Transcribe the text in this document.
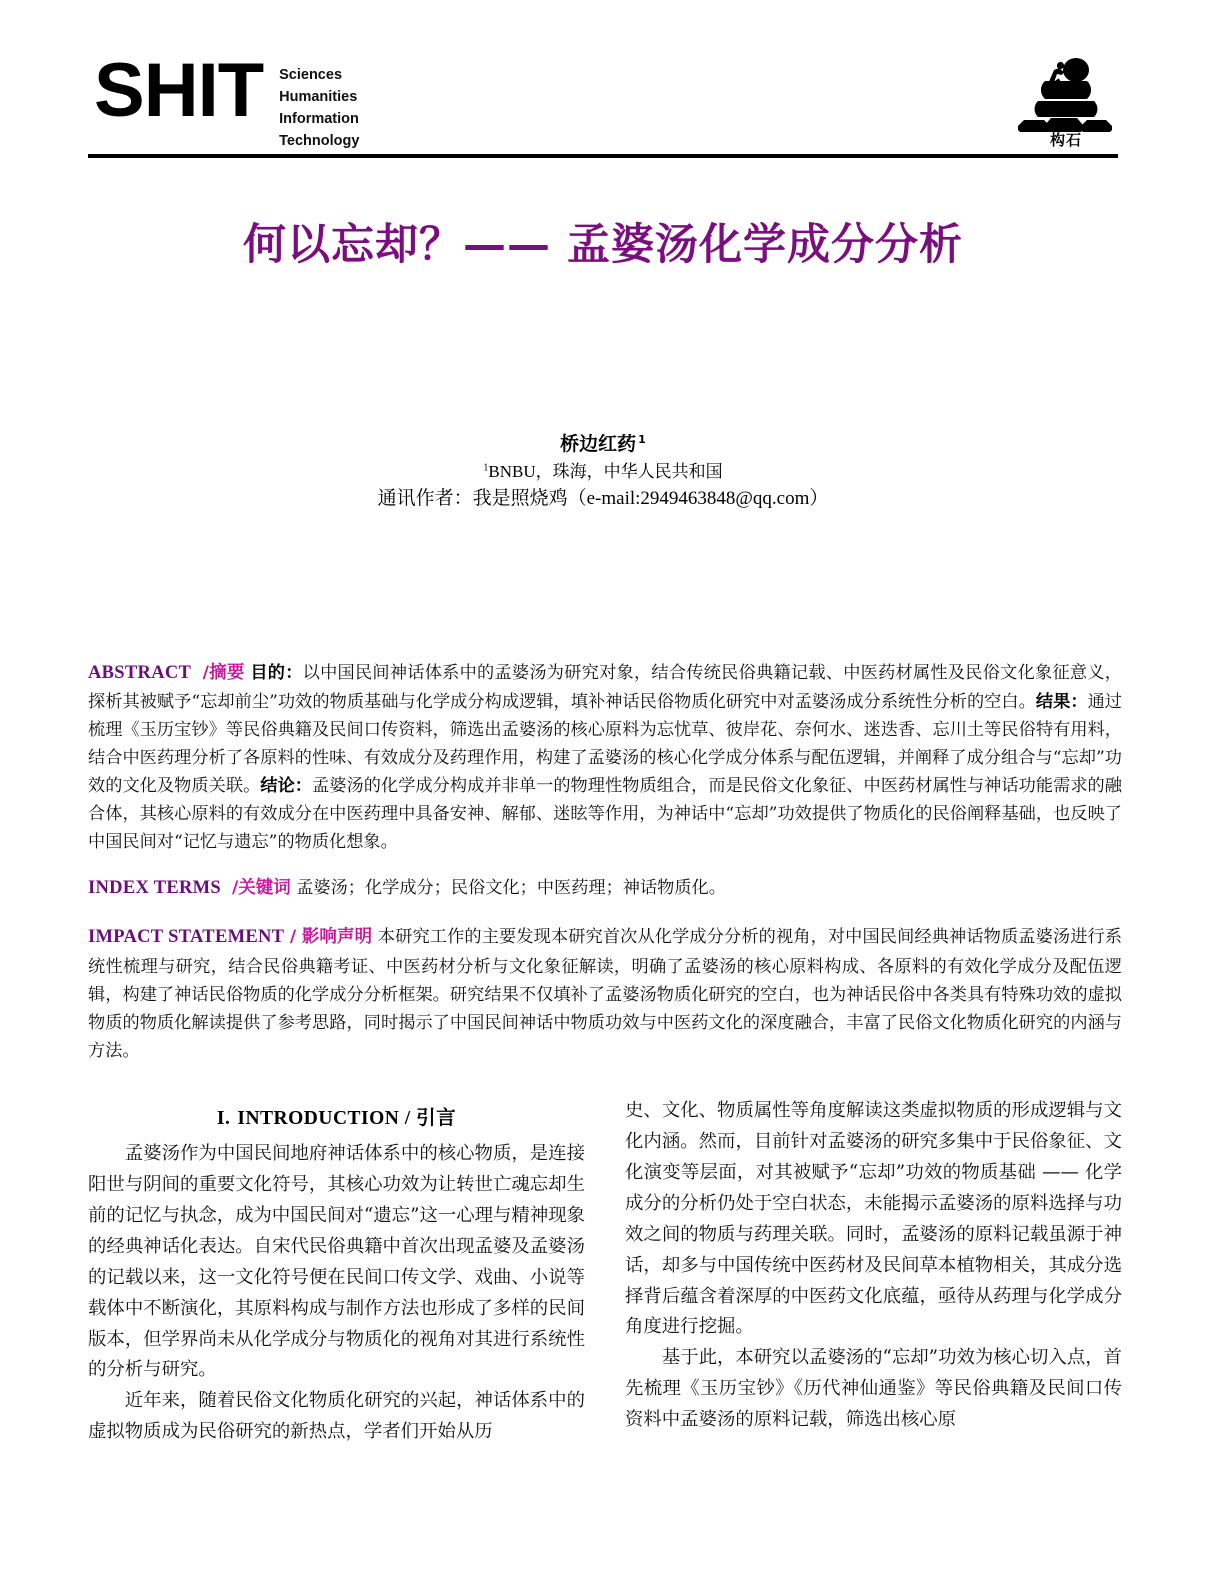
SHIT Sciences
Humanities
Information
Technology	构石
何以忘却？—— 孟婆汤化学成分分析
桥边红药 $^1$
$^1$BNBU，珠海，中华人民共和国
通讯作者：我是照烧鸡（e-mail:2949463848@qq.com）
ABSTRACT /摘要 目的：以中国民间神话体系中的孟婆汤为研究对象，结合传统民俗典籍记载、中医药材属性及民俗文化象征意义，探析其被赋予“忘却前尘”功效的物质基础与化学成分构成逻辑，填补神话民俗物质化研究中对孟婆汤成分系统性分析的空白。结果：通过梳理《玉历宝钞》等民俗典籍及民间口传资料，筛选出孟婆汤的核心原料为忘忧草、彼岸花、奈何水、迷迭香、忘川土等民俗特有用料，结合中医药理分析了各原料的性味、有效成分及药理作用，构建了孟婆汤的核心化学成分体系与配伍逻辑，并阐释了成分组合与“忘却”功效的文化及物质关联。结论：孟婆汤的化学成分构成并非单一的物理性物质组合，而是民俗文化象征、中医药材属性与神话功能需求的融合体，其核心原料的有效成分在中医药理中具备安神、解郁、迷眩等作用，为神话中“忘却”功效提供了物质化的民俗阐释基础，也反映了中国民间对“记忆与遗忘”的物质化想象。
INDEX TERMS /关键词 孟婆汤；化学成分；民俗文化；中医药理；神话物质化。
IMPACT STATEMENT / 影响声明 本研究工作的主要发现本研究首次从化学成分分析的视角，对中国民间经典神话物质孟婆汤进行系统性梳理与研究，结合民俗典籍考证、中医药材分析与文化象征解读，明确了孟婆汤的核心原料构成、各原料的有效化学成分及配伍逻辑，构建了神话民俗物质的化学成分分析框架。研究结果不仅填补了孟婆汤物质化研究的空白，也为神话民俗中各类具有特殊功效的虚拟物质的物质化解读提供了参考思路，同时揭示了中国民间神话中物质功效与中医药文化的深度融合，丰富了民俗文化物质化研究的内涵与方法。
I. INTRODUCTION / 引言

孟婆汤作为中国民间地府神话体系中的核心物质，是连接阳世与阴间的重要文化符号，其核心功效为让转世亡魂忘却生前的记忆与执念，成为中国民间对“遗忘”这一心理与精神现象的经典神话化表达。自宋代民俗典籍中首次出现孟婆及孟婆汤的记载以来，这一文化符号便在民间口传文学、戏曲、小说等载体中不断演化，其原料构成与制作方法也形成了多样的民间版本，但学界尚未从化学成分与物质化的视角对其进行系统性的分析与研究。

近年来，随着民俗文化物质化研究的兴起，神话体系中的虚拟物质成为民俗研究的新热点，学者们开始从历

史、文化、物质属性等角度解读这类虚拟物质的形成逻辑与文化内涵。然而，目前针对孟婆汤的研究多集中于民俗象征、文化演变等层面，对其被赋予“忘却”功效的物质基础 —— 化学成分的分析仍处于空白状态，未能揭示孟婆汤的原料选择与功效之间的物质与药理关联。同时，孟婆汤的原料记载虽源于神话，却多与中国传统中医药材及民间草本植物相关，其成分选择背后蕴含着深厚的中医药文化底蕴，亟待从药理与化学成分角度进行挖掘。

基于此，本研究以孟婆汤的“忘却”功效为核心切入点，首先梳理《玉历宝钞》《历代神仙通鉴》等民俗典籍及民间口传资料中孟婆汤的原料记载，筛选出核心原
